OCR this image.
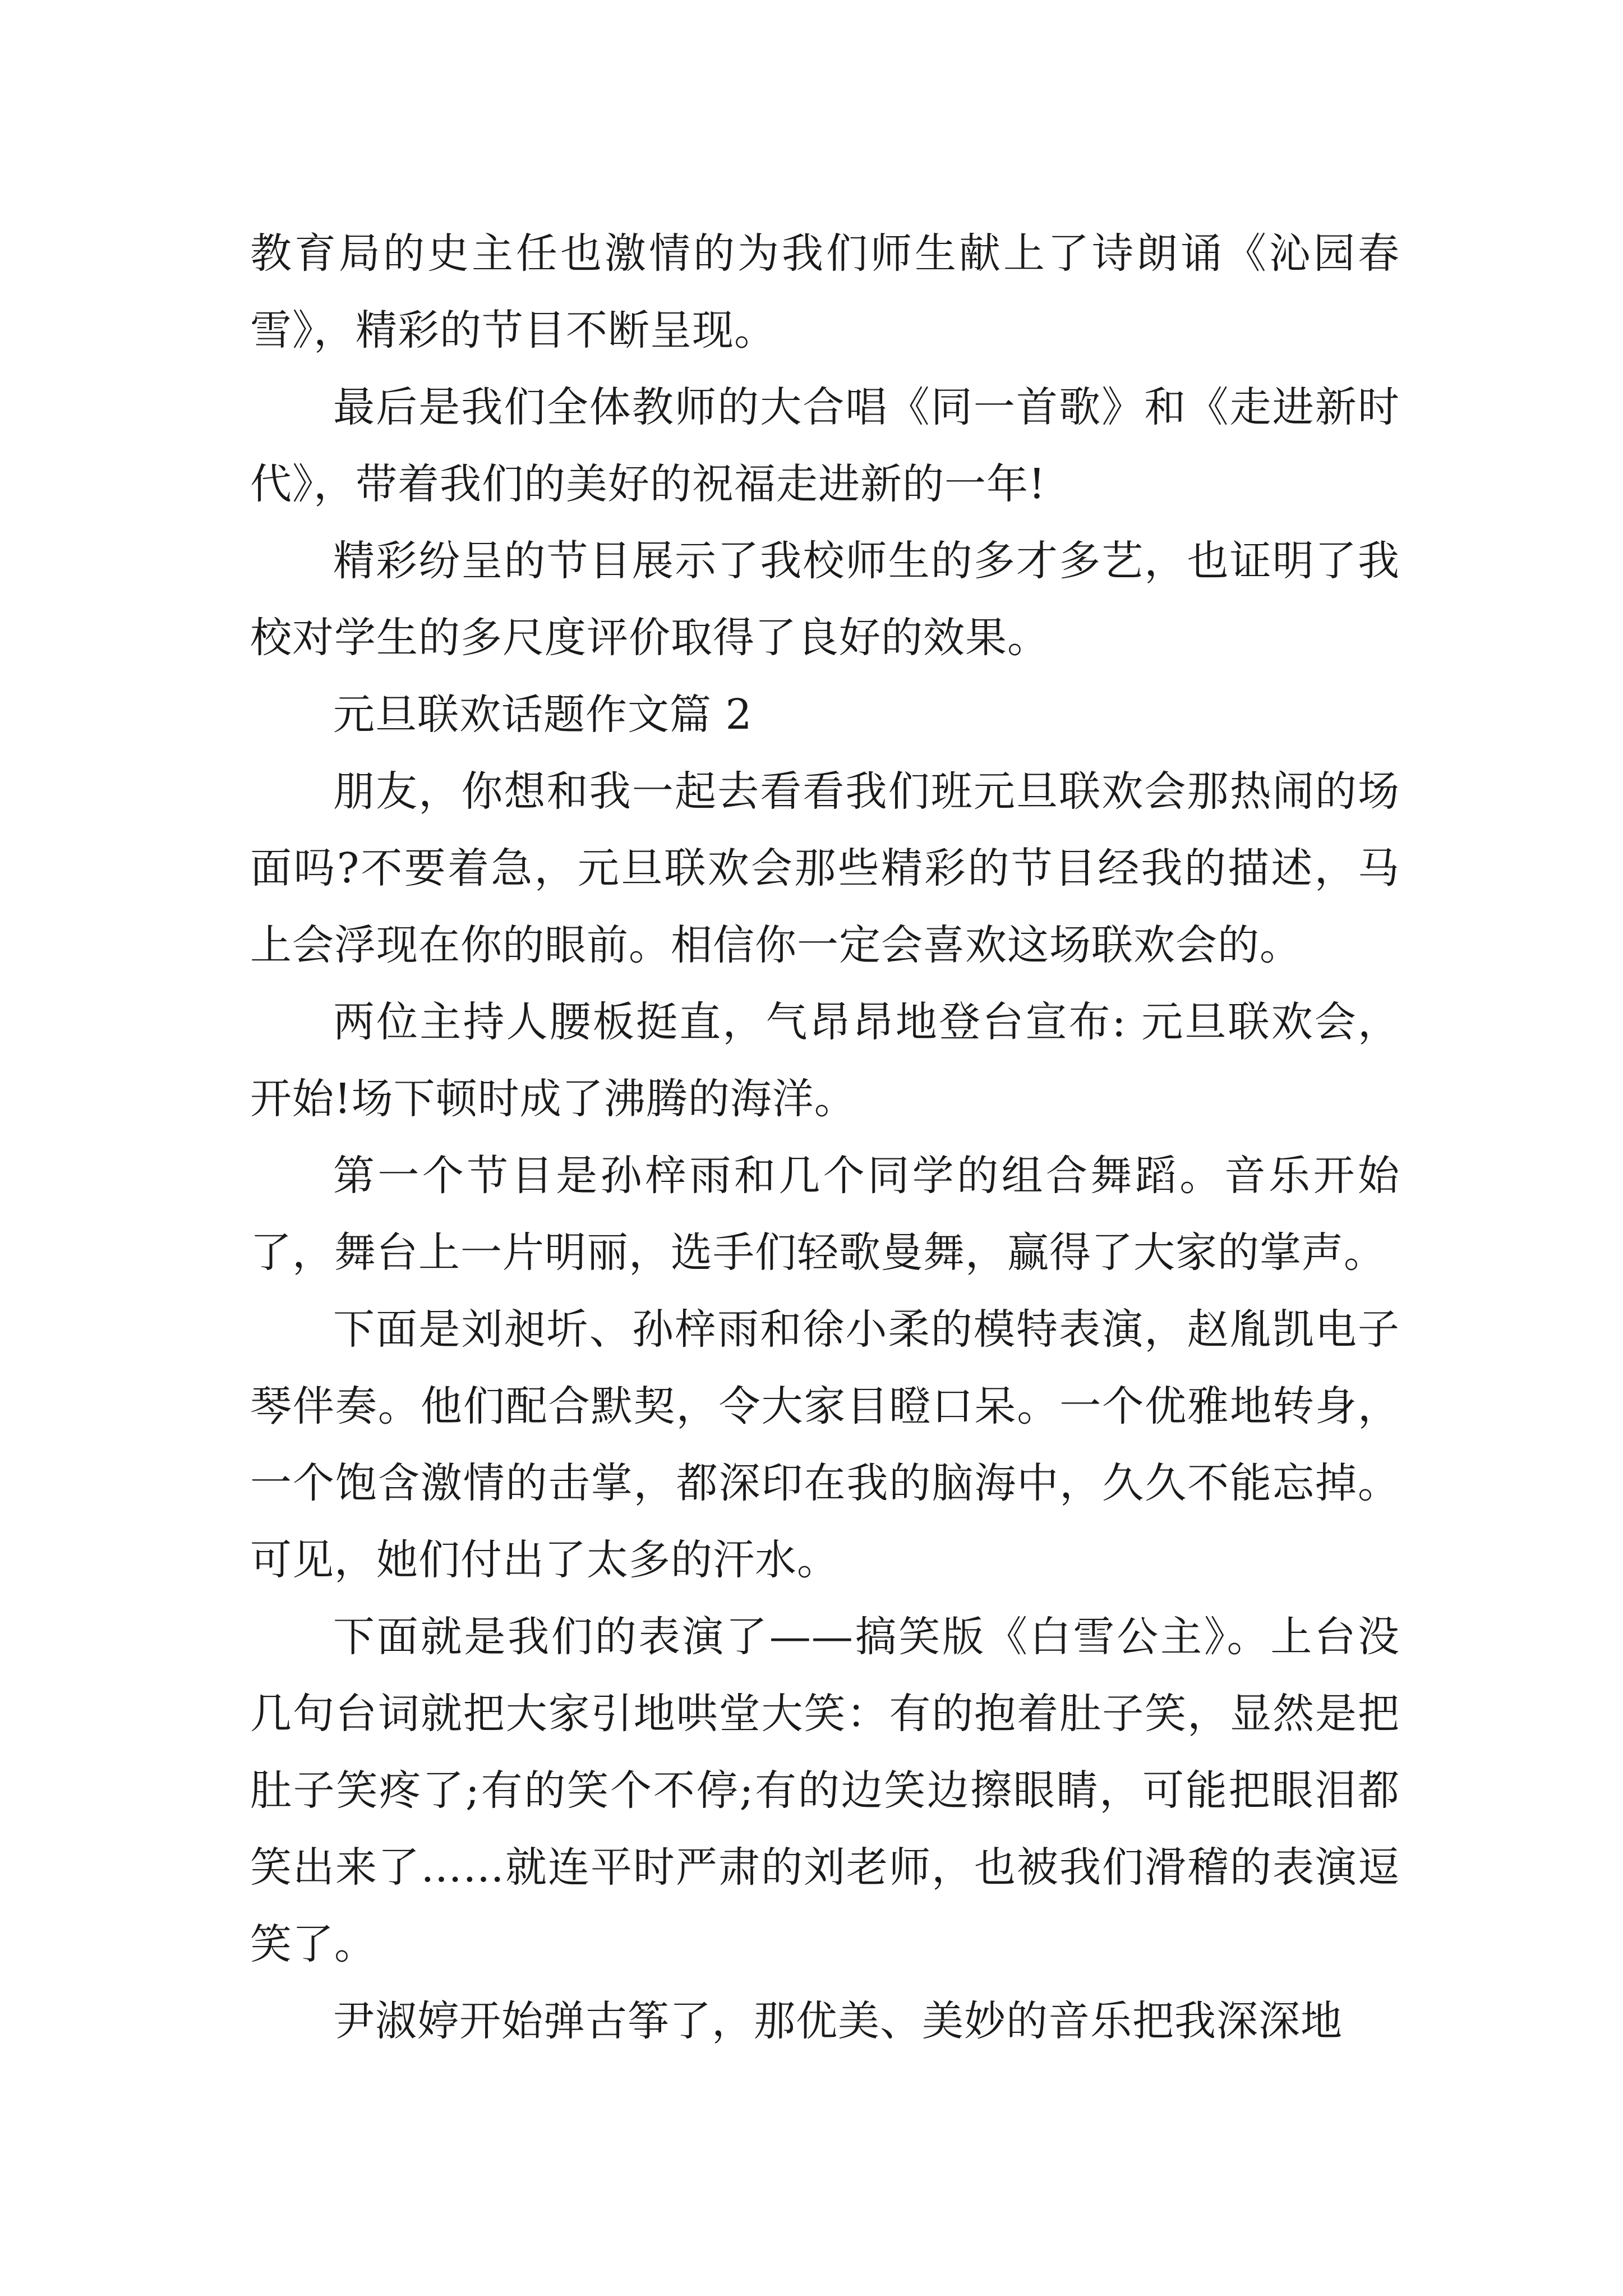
教育局的史主任也激情的为我们师生献上了诗朗诵《沁园春雪》，精彩的节目不断呈现。

最后是我们全体教师的大合唱《同一首歌》和《走进新时代》，带着我们的美好的祝福走进新的一年!

精彩纷呈的节目展示了我校师生的多才多艺，也证明了我校对学生的多尺度评价取得了良好的效果。

元旦联欢话题作文篇 2

朋友，你想和我一起去看看我们班元旦联欢会那热闹的场面吗?不要着急，元旦联欢会那些精彩的节目经我的描述，马上会浮现在你的眼前。相信你一定会喜欢这场联欢会的。

两位主持人腰板挺直，气昂昂地登台宣布: 元旦联欢会，开始!场下顿时成了沸腾的海洋。

第一个节目是孙梓雨和几个同学的组合舞蹈。音乐开始了，舞台上一片明丽，选手们轻歌曼舞，赢得了大家的掌声。

下面是刘昶圻、孙梓雨和徐小柔的模特表演，赵胤凯电子琴伴奏。他们配合默契，令大家目瞪口呆。一个优雅地转身，一个饱含激情的击掌，都深印在我的脑海中，久久不能忘掉。可见，她们付出了太多的汗水。

下面就是我们的表演了——搞笑版《白雪公主》。上台没几句台词就把大家引地哄堂大笑：有的抱着肚子笑，显然是把肚子笑疼了;有的笑个不停;有的边笑边擦眼睛，可能把眼泪都笑出来了……就连平时严肃的刘老师，也被我们滑稽的表演逗笑了。

尹淑婷开始弹古筝了，那优美、美妙的音乐把我深深地
